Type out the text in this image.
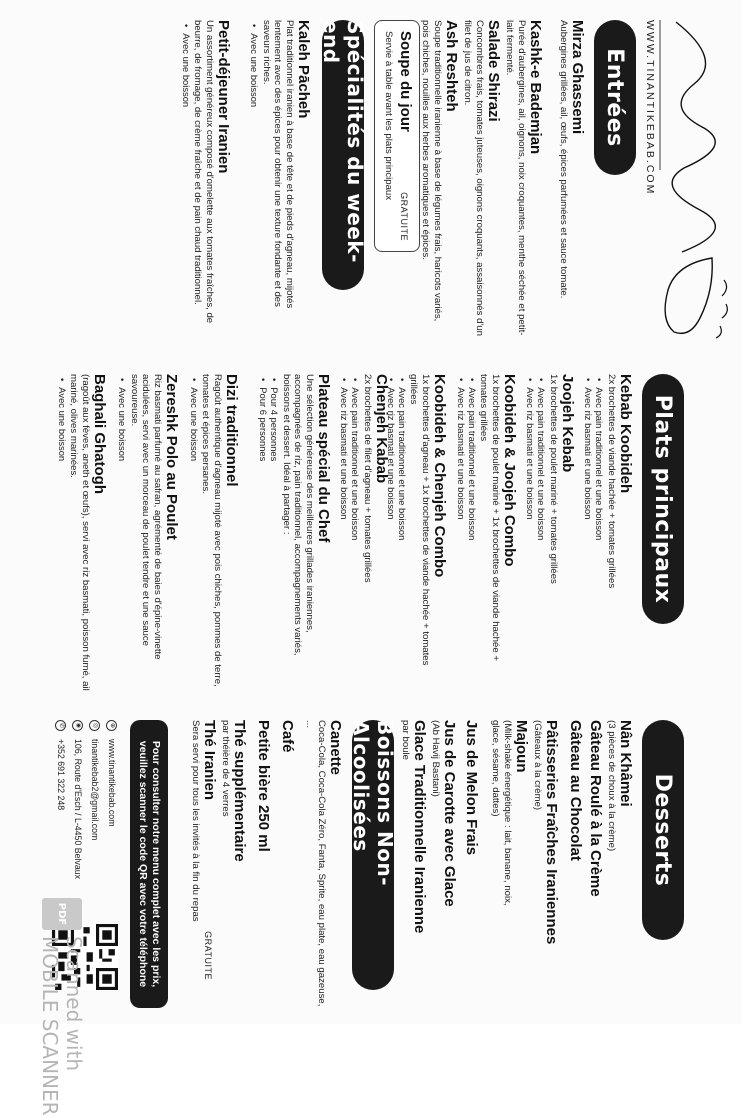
WWW.TINANTIKEBAB.COM
Entrées
Mirza Ghassemi
Aubergines grillées, ail, œufs, épices parfumées et sauce tomate.
Kashk-e Bademjan
Purée d'aubergines, ail, oignons, noix croquantes, menthe séchée et petit-lait fermenté.
Salade Shirazi
Concombres frais, tomates juteuses, oignons croquants, assaisonnés d'un filet de jus de citron.
Ash Reshteh
Soupe traditionnelle iranienne à base de légumes frais, haricots variés, pois chiches, nouilles aux herbes aromatiques et épices.
Soupe du jour
GRATUITE
Servie à table avant les plats principaux
Spécialités du week-end
Kaleh Pācheh
Plat traditionnel iranien à base de tête et de pieds d'agneau, mijotés lentement avec des épices pour obtenir une texture fondante et des saveurs riches.
• Avec une boisson
Petit-déjeuner Iranien
Un assortiment généreux composé d'omelette aux tomates fraîches, de beurre, de fromage, de crème fraîche et de pain chaud traditionnel.
• Avec une boisson
Plats principaux
Kebab Koobideh
2x brochettes de viande hachée + tomates grillées
• Avec pain traditionnel et une boisson
• Avec riz basmati et une boisson
Joojeh Kebab
1x brochettes de poulet mariné + tomates grillées
• Avec pain traditionnel et une boisson
• Avec riz basmati et une boisson
Koobideh & Joojeh Combo
1x brochettes de poulet mariné + 1x brochettes de viande hachée + tomates grillées
• Avec pain traditionnel et une boisson
• Avec riz basmati et une boisson
Koobideh & Chenjeh Combo
1x brochettes d'agneau + 1x brochettes de viande hachée + tomates grillées
• Avec pain traditionnel et une boisson
• Avec riz basmati et une boisson
Chenjeh Kabab
2x brochettes de filet d'agneau + tomates grillées
• Avec pain traditionnel et une boisson
• Avec riz basmati et une boisson
Plateau spécial du Chef
Une sélection généreuse des meilleures grillades iraniennes, accompagnées de riz, pain traditionnel, accompagnements variés, boissons et dessert. Idéal à partager :
• Pour 4 personnes
• Pour 6 personnes
Dizi traditionnel
Ragoût authentique d'agneau mijoté avec pois chiches, pommes de terre, tomates et épices persanes.
• Avec une boisson
Zereshk Polo au Poulet
Riz basmati parfumé au safran, agrémenté de baies d'épine-vinette acidulées, servi avec un morceau de poulet tendre et une sauce savoureuse.
• Avec une boisson
Baghali Ghatogh
(ragoût aux fèves, aneth et œufs), servi avec riz basmati, poisson fumé, ail mariné, olives marinées.
• Avec une boisson
Desserts
Nân Khâmei
(3 pièces de choux à la crème)
Gâteau Roulé à la Crème
Gâteau au Chocolat
Pâtisseries Fraîches Iraniennes
(Gâteaux à la crème)
Majoun
(Milk-shake énergétique : lait, banane, noix, glace, sésame, dattes)
Jus de Melon Frais
Jus de Carotte avec Glace
(Ab Havij Bastani)
Glace Traditionnelle Iranienne
par boule
Boissons Non-Alcoolisées
Canette
Coca-Cola, Coca-Cola Zéro, Fanta, Sprite, eau plate, eau gazeuse, ...
Café
Petite bière 250 ml
Thé supplémentaire
par théière de 4 verres
Thé Iranien
GRATUITE
Sera servi pour tous les invités à la fin du repas
Pour consulter notre menu complet avec les prix, veuillez scanner le code QR avec votre téléphone
⊕
www.tinantikebab.com
◎
tinantikebab2@gmail.com
◉
106, Route d'Esch / L-4450 Belvaux
✆
+352 691 322 248
PDF
Scanned with
MOBILE SCANNER
